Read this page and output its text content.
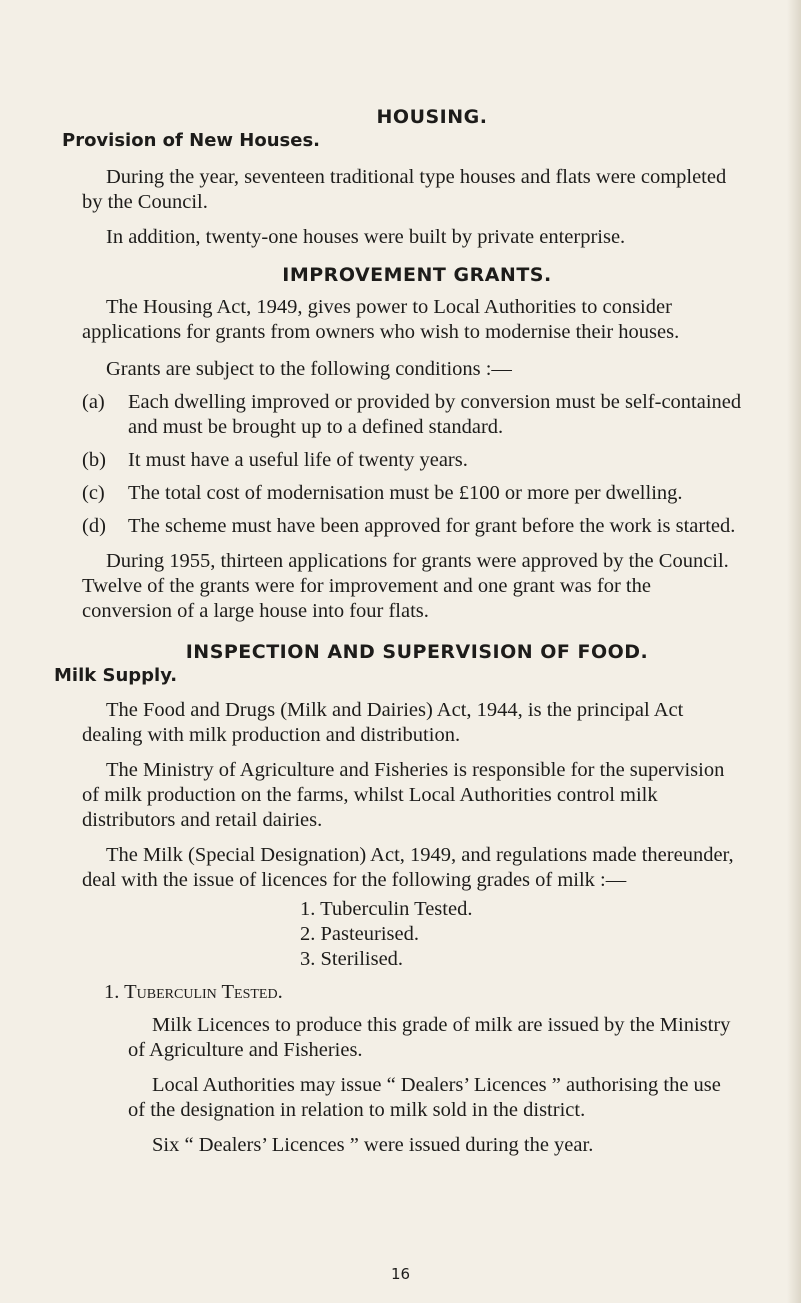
HOUSING.
Provision of New Houses.

During the year, seventeen traditional type houses and flats were completed by the Council.

In addition, twenty-one houses were built by private enterprise.

IMPROVEMENT GRANTS.

The Housing Act, 1949, gives power to Local Authorities to consider applications for grants from owners who wish to modernise their houses.

Grants are subject to the following conditions :—

(a)	Each dwelling improved or provided by conversion must be self-contained and must be brought up to a defined standard.
(b)	It must have a useful life of twenty years.
(c)	The total cost of modernisation must be £100 or more per dwelling.
(d)	The scheme must have been approved for grant before the work is started.

During 1955, thirteen applications for grants were approved by the Council. Twelve of the grants were for improvement and one grant was for the conversion of a large house into four flats.

INSPECTION AND SUPERVISION OF FOOD.
Milk Supply.

The Food and Drugs (Milk and Dairies) Act, 1944, is the principal Act dealing with milk production and distribution.

The Ministry of Agriculture and Fisheries is responsible for the supervision of milk production on the farms, whilst Local Authorities control milk distributors and retail dairies.

The Milk (Special Designation) Act, 1949, and regulations made thereunder, deal with the issue of licences for the following grades of milk :—

1. Tuberculin Tested.
2. Pasteurised.
3. Sterilised.
1. Tuberculin Tested.

Milk Licences to produce this grade of milk are issued by the Ministry of Agriculture and Fisheries.

Local Authorities may issue “ Dealers’ Licences ” authorising the use of the designation in relation to milk sold in the district.

Six “ Dealers’ Licences ” were issued during the year.

16
